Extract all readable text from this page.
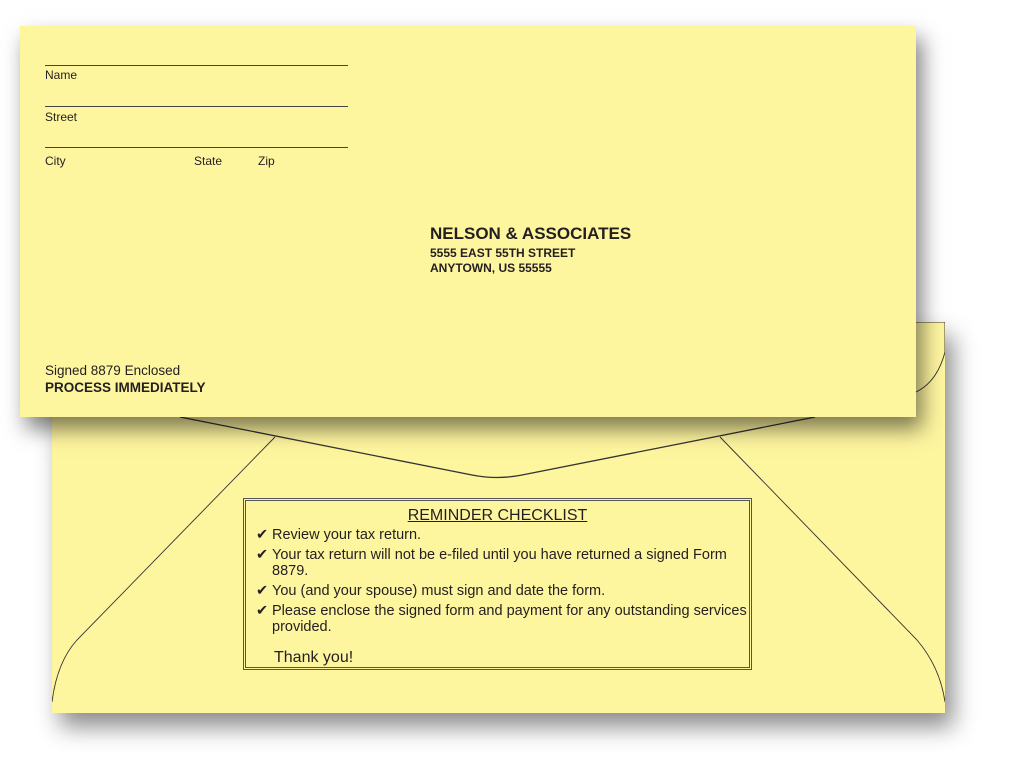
REMINDER CHECKLIST
✔ Review your tax return.
✔ Your tax return will not be e-filed until you have returned a signed Form 8879.
✔ You (and your spouse) must sign and date the form.
✔ Please enclose the signed form and payment for any outstanding services provided.
Thank you!
Name
Street
City	State	Zip
NELSON & ASSOCIATES
5555 EAST 55TH STREET
ANYTOWN, US 55555
Signed 8879 Enclosed
PROCESS IMMEDIATELY
